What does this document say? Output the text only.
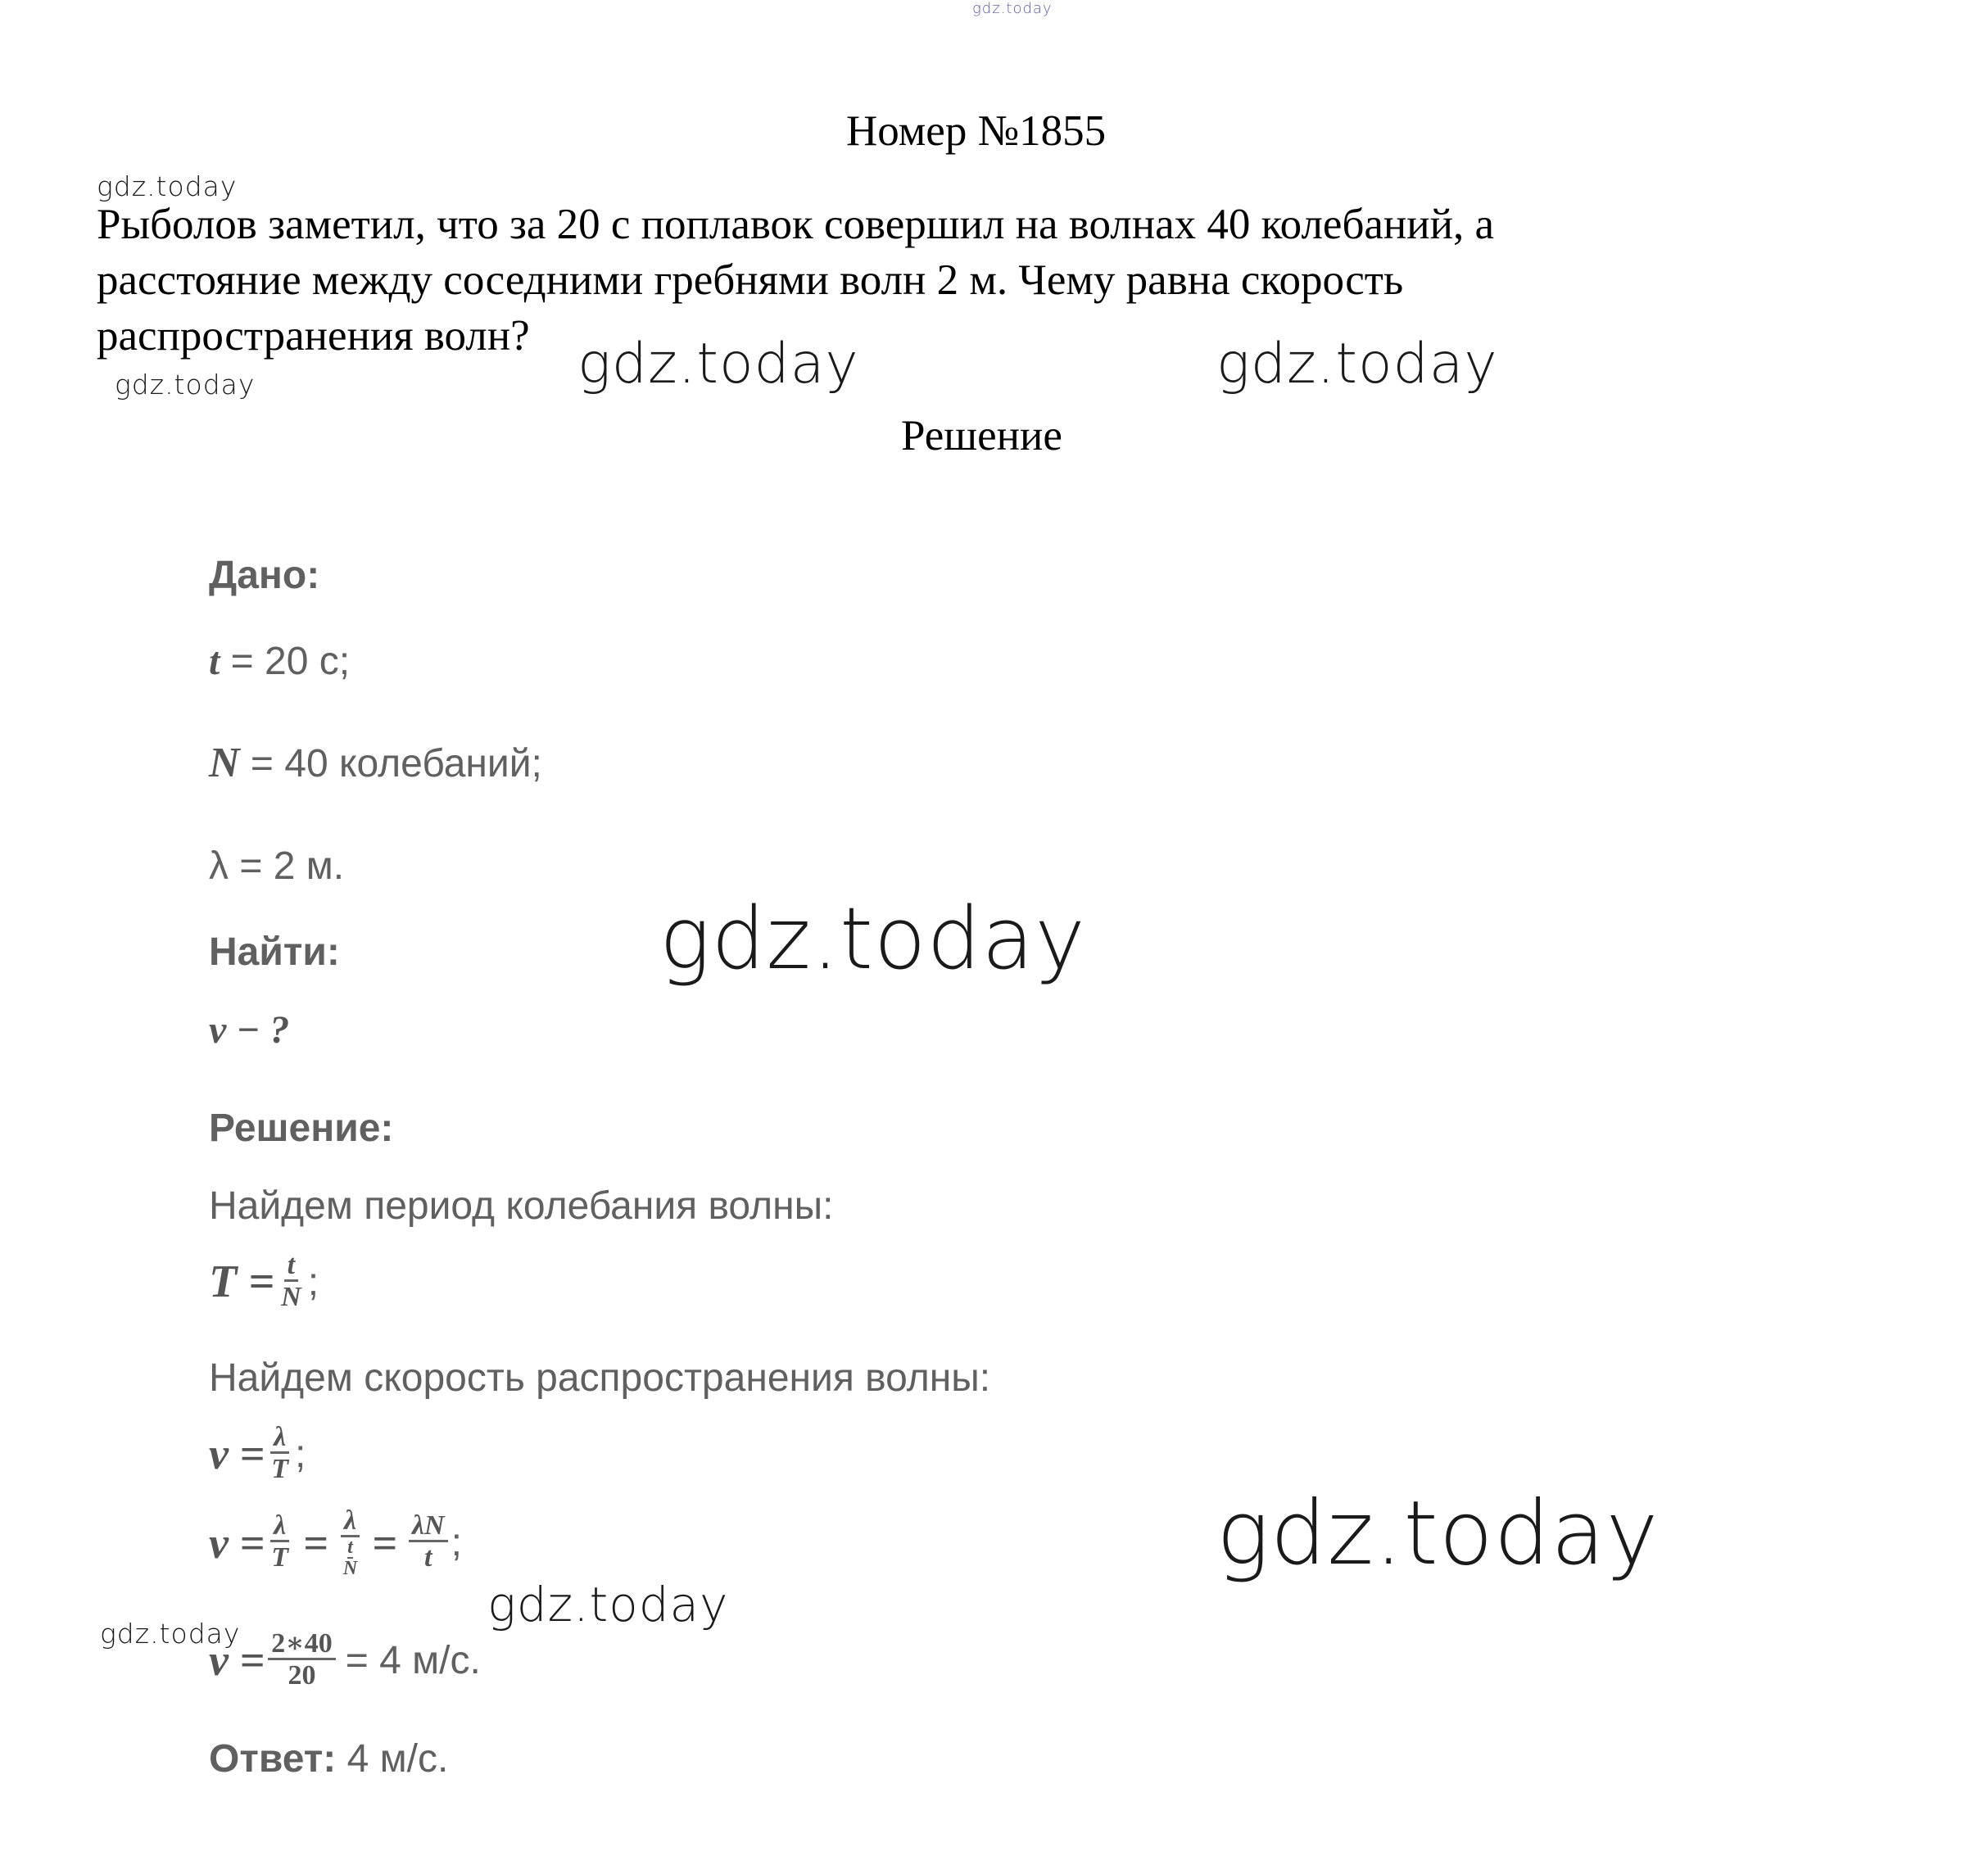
gdz.today
gdz.today
gdz.today	gdz.today	gdz.today
gdz.today
gdz.today
gdz.today
gdz.today
Номер №1855
Рыболов заметил, что за 20 с поплавок совершил на волнах 40 колебаний, а
расстояние между соседними гребнями волн 2 м. Чему равна скорость
распространения волн?
Решение
Дано:
t = 20 с;
N = 40 колебаний;
λ = 2 м.
Найти:
v − ?
Решение:
Найдем период колебания волны:
$T = \frac{t}{N}$ ;
Найдем скорость распространения волны:
$v = \frac{\lambda}{T}$ ;
$v = \frac{\lambda}{T} = \frac{\lambda}{\frac{t}{N}} = \frac{\lambda N}{t}$ ;
$v = \frac{2∗40}{20} = 4$ м/с.
Ответ: 4 м/с.
